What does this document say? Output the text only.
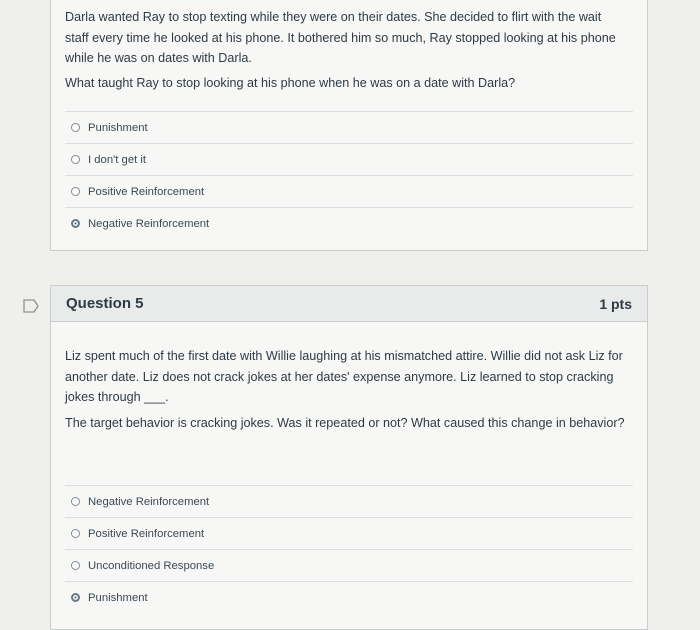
Darla wanted Ray to stop texting while they were on their dates. She decided to flirt with the wait staff every time he looked at his phone. It bothered him so much, Ray stopped looking at his phone while he was on dates with Darla.
What taught Ray to stop looking at his phone when he was on a date with Darla?
Punishment
I don't get it
Positive Reinforcement
Negative Reinforcement
Question 5	1 pts
Liz spent much of the first date with Willie laughing at his mismatched attire. Willie did not ask Liz for another date. Liz does not crack jokes at her dates' expense anymore. Liz learned to stop cracking jokes through ___.
The target behavior is cracking jokes. Was it repeated or not? What caused this change in behavior?
Negative Reinforcement
Positive Reinforcement
Unconditioned Response
Punishment
